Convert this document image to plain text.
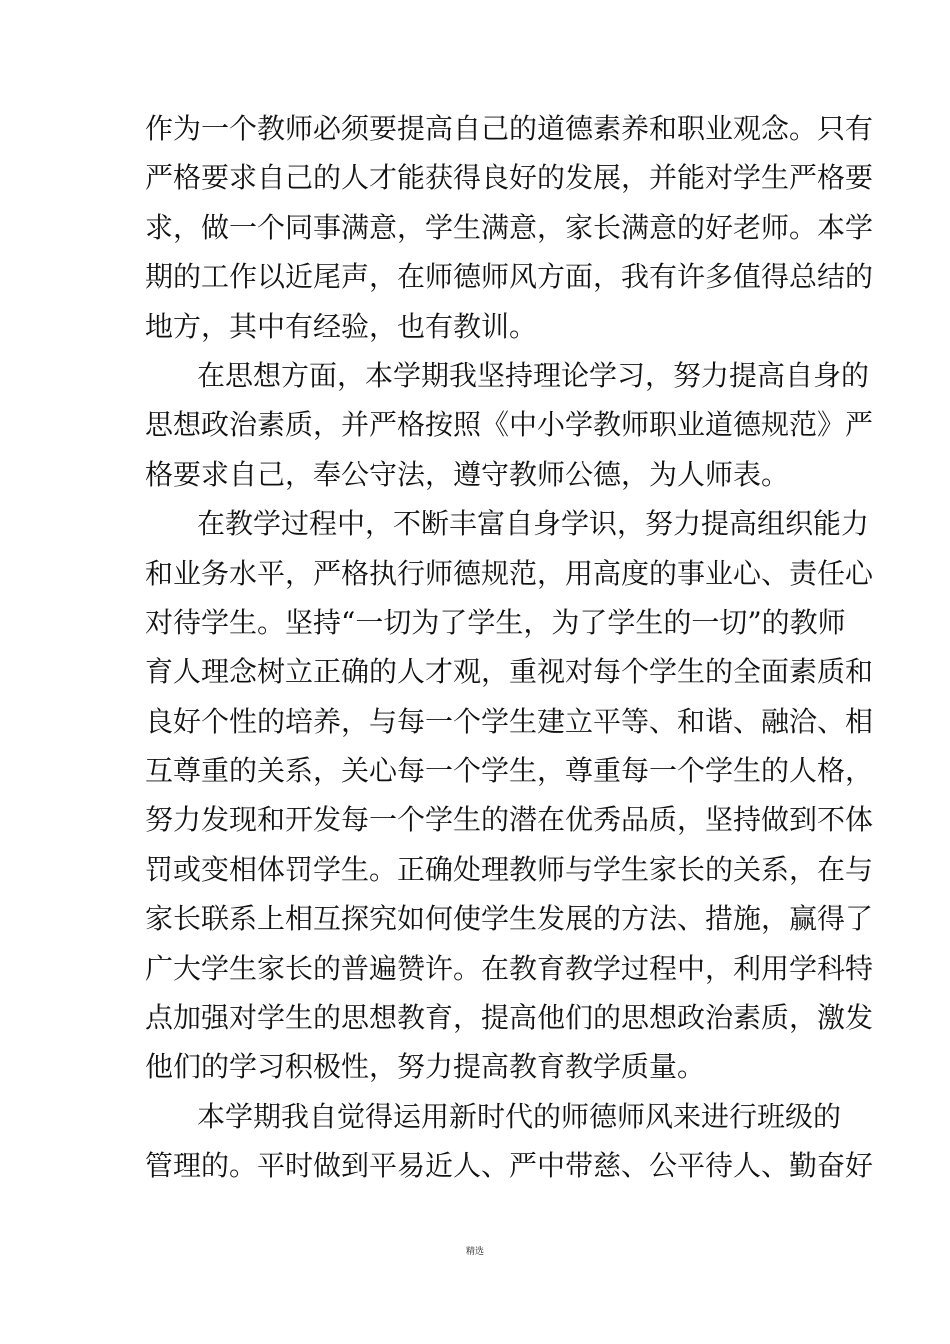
作为一个教师必须要提高自己的道德素养和职业观念。只有
严格要求自己的人才能获得良好的发展，并能对学生严格要
求，做一个同事满意，学生满意，家长满意的好老师。本学
期的工作以近尾声，在师德师风方面，我有许多值得总结的
地方，其中有经验，也有教训。
在思想方面，本学期我坚持理论学习，努力提高自身的
思想政治素质，并严格按照《中小学教师职业道德规范》严
格要求自己，奉公守法，遵守教师公德，为人师表。
在教学过程中，不断丰富自身学识，努力提高组织能力
和业务水平，严格执行师德规范，用高度的事业心、责任心
对待学生。坚持“一切为了学生，为了学生的一切”的教师
育人理念树立正确的人才观，重视对每个学生的全面素质和
良好个性的培养，与每一个学生建立平等、和谐、融洽、相
互尊重的关系，关心每一个学生，尊重每一个学生的人格，
努力发现和开发每一个学生的潜在优秀品质，坚持做到不体
罚或变相体罚学生。正确处理教师与学生家长的关系，在与
家长联系上相互探究如何使学生发展的方法、措施，赢得了
广大学生家长的普遍赞许。在教育教学过程中，利用学科特
点加强对学生的思想教育，提高他们的思想政治素质，激发
他们的学习积极性，努力提高教育教学质量。
本学期我自觉得运用新时代的师德师风来进行班级的
管理的。平时做到平易近人、严中带慈、公平待人、勤奋好
精选
